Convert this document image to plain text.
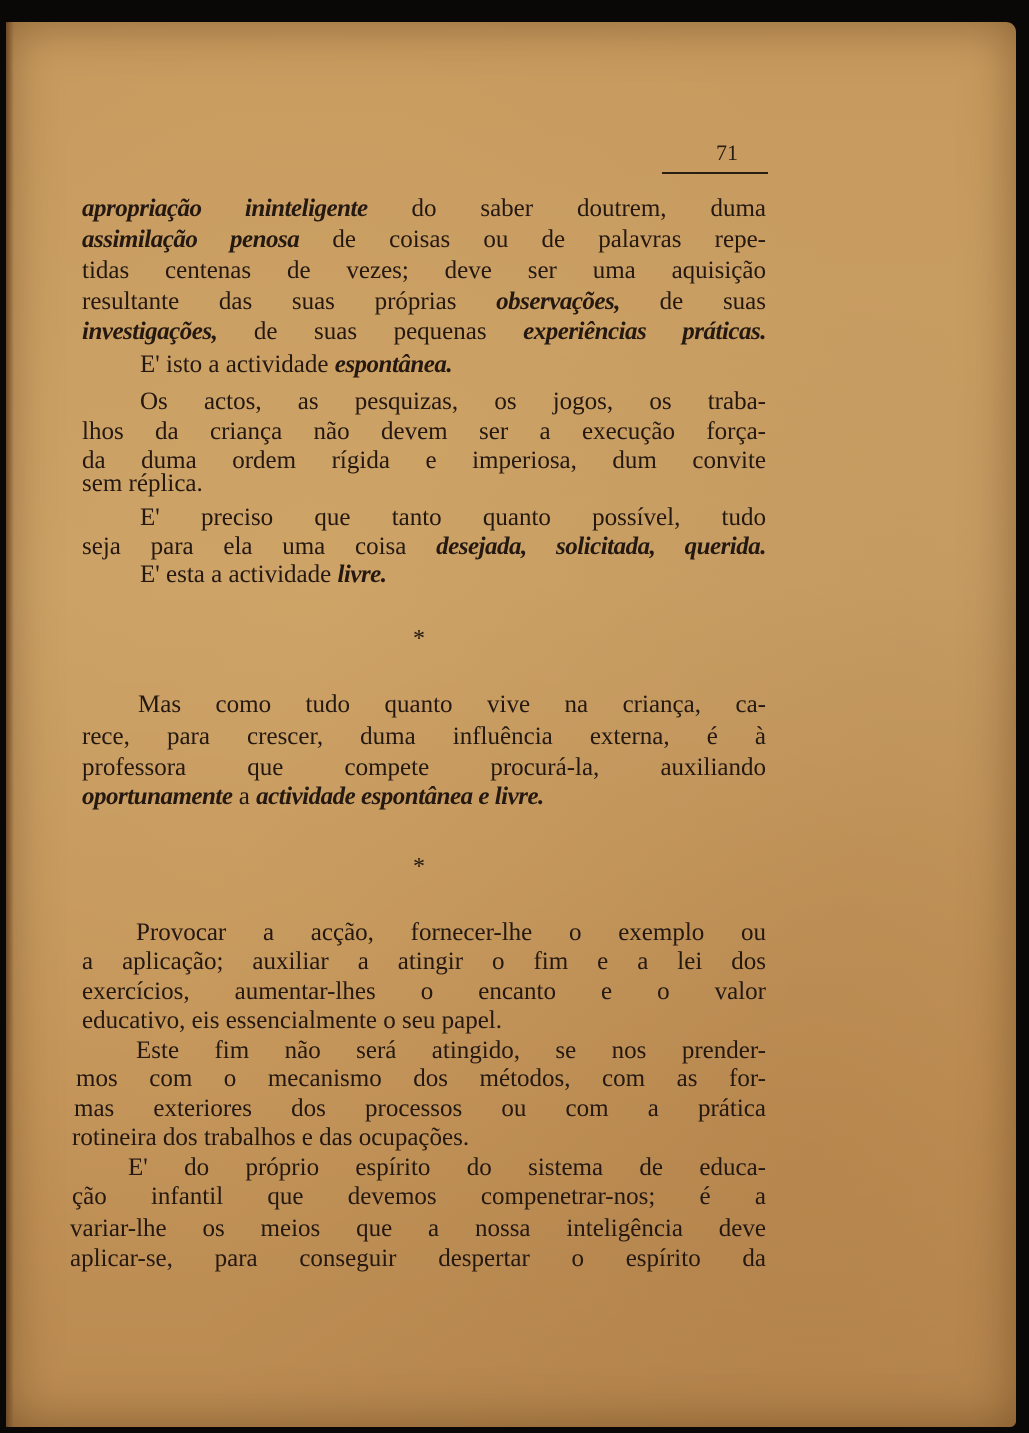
71
apropriação ininteligente do saber doutrem, duma
assimilação penosa de coisas ou de palavras repe-
tidas centenas de vezes; deve ser uma aquisição
resultante das suas próprias observações, de suas
investigações, de suas pequenas experiências práticas.
E' isto a actividade espontânea.
Os actos, as pesquizas, os jogos, os traba-
lhos da criança não devem ser a execução força-
da duma ordem rígida e imperiosa, dum convite
sem réplica.
E' preciso que tanto quanto possível, tudo
seja para ela uma coisa desejada, solicitada, querida.
E' esta a actividade livre.
*
Mas como tudo quanto vive na criança, ca-
rece, para crescer, duma influência externa, é à
professora que compete procurá-la, auxiliando
oportunamente a actividade espontânea e livre.
*
Provocar a acção, fornecer-lhe o exemplo ou
a aplicação; auxiliar a atingir o fim e a lei dos
exercícios, aumentar-lhes o encanto e o valor
educativo, eis essencialmente o seu papel.
Este fim não será atingido, se nos prender-
mos com o mecanismo dos métodos, com as for-
mas exteriores dos processos ou com a prática
rotineira dos trabalhos e das ocupações.
E' do próprio espírito do sistema de educa-
ção infantil que devemos compenetrar-nos; é a
variar-lhe os meios que a nossa inteligência deve
aplicar-se, para conseguir despertar o espírito da
